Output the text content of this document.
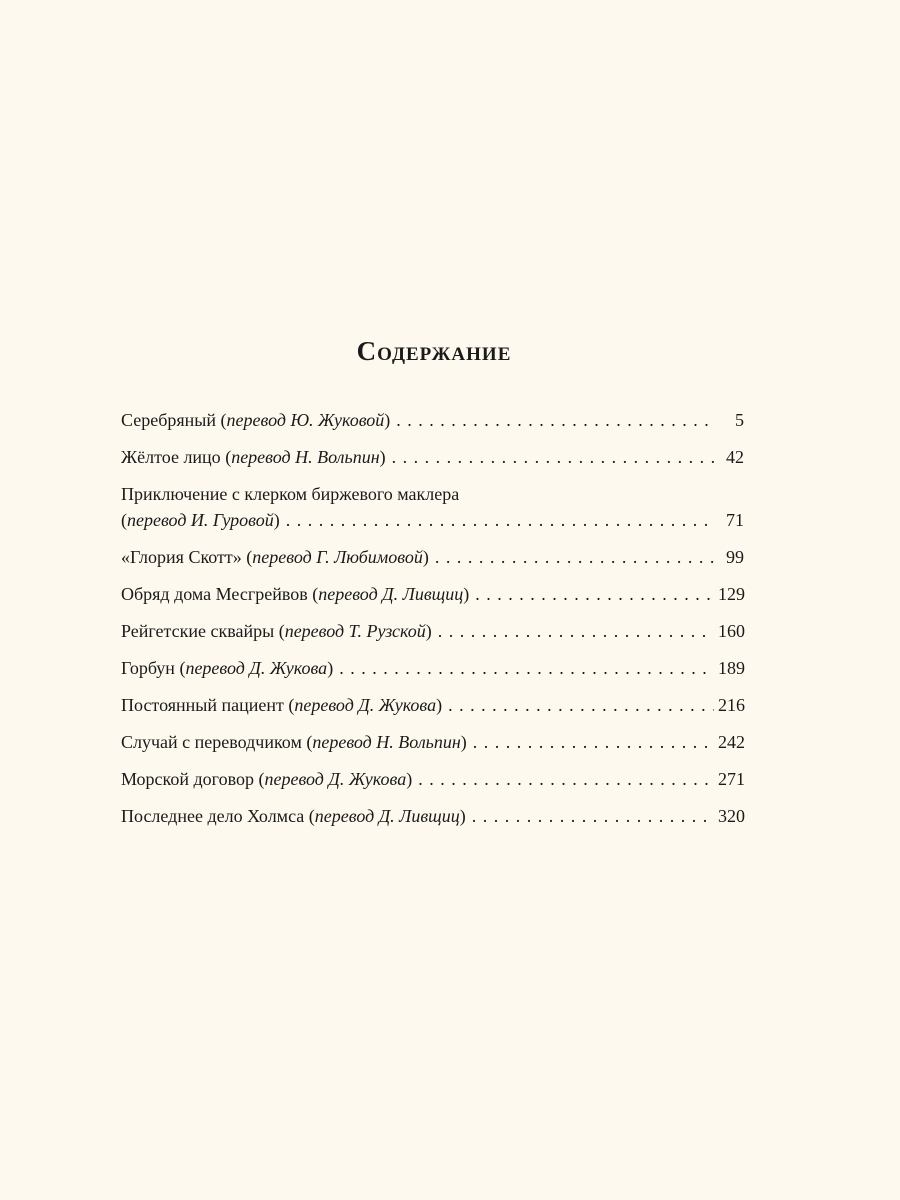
Содержание
Серебряный (перевод Ю. Жуковой) . . .	5
Жёлтое лицо (перевод Н. Вольпин) . . .	42
Приключение с клерком биржевого маклера
(перевод И. Гуровой) . . .	71
«Глория Скотт» (перевод Г. Любимовой) . . .	99
Обряд дома Месгрейвов (перевод Д. Ливщиц) . . .	129
Рейгетские сквайры (перевод Т. Рузской) . . .	160
Горбун (перевод Д. Жукова) . . .	189
Постоянный пациент (перевод Д. Жукова) . . .	216
Случай с переводчиком (перевод Н. Вольпин) . . .	242
Морской договор (перевод Д. Жукова) . . .	271
Последнее дело Холмса (перевод Д. Ливщиц) . . .	320
